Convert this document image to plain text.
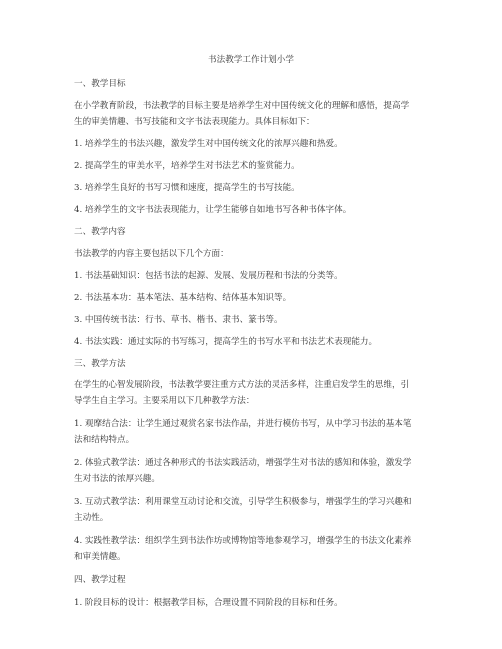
书法教学工作计划小学
一、教学目标
在小学教育阶段，书法教学的目标主要是培养学生对中国传统文化的理解和感悟，提高学
生的审美情趣、书写技能和文字书法表现能力。具体目标如下：
1. 培养学生的书法兴趣，激发学生对中国传统文化的浓厚兴趣和热爱。
2. 提高学生的审美水平，培养学生对书法艺术的鉴赏能力。
3. 培养学生良好的书写习惯和速度，提高学生的书写技能。
4. 培养学生的文字书法表现能力，让学生能够自如地书写各种书体字体。
二、教学内容
书法教学的内容主要包括以下几个方面：
1. 书法基础知识：包括书法的起源、发展、发展历程和书法的分类等。
2. 书法基本功：基本笔法、基本结构、结体基本知识等。
3. 中国传统书法：行书、草书、楷书、隶书、篆书等。
4. 书法实践：通过实际的书写练习，提高学生的书写水平和书法艺术表现能力。
三、教学方法
在学生的心智发展阶段，书法教学要注重方式方法的灵活多样，注重启发学生的思维，引
导学生自主学习。主要采用以下几种教学方法：
1. 观摩结合法：让学生通过观赏名家书法作品，并进行模仿书写，从中学习书法的基本笔
法和结构特点。
2. 体验式教学法：通过各种形式的书法实践活动，增强学生对书法的感知和体验，激发学
生对书法的浓厚兴趣。
3. 互动式教学法：利用课堂互动讨论和交流，引导学生积极参与，增强学生的学习兴趣和
主动性。
4. 实践性教学法：组织学生到书法作坊或博物馆等地参观学习，增强学生的书法文化素养
和审美情趣。
四、教学过程
1. 阶段目标的设计：根据教学目标，合理设置不同阶段的目标和任务。
